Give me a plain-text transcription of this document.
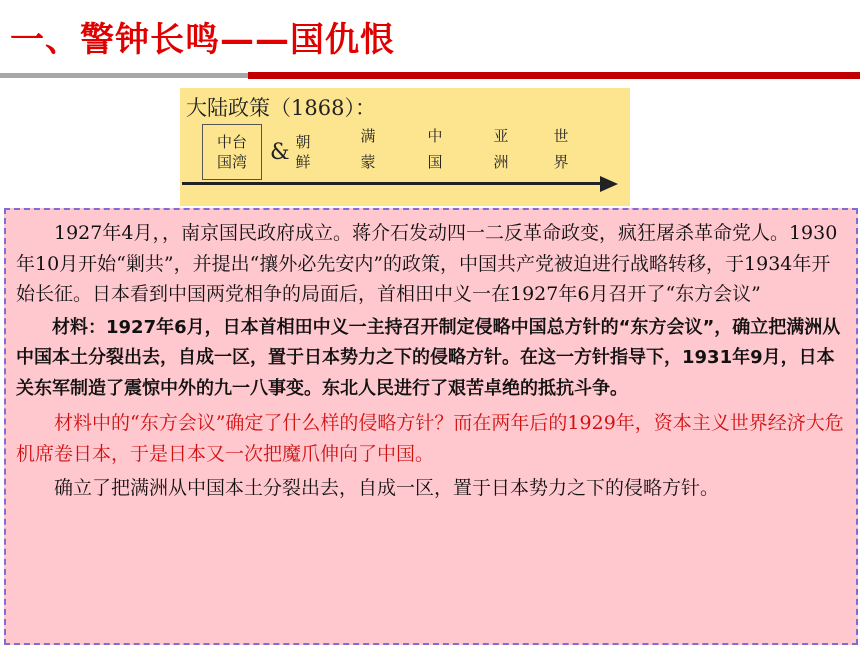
一、警钟长鸣——国仇恨
大陆政策（1868）：
中台
国湾	& 朝
鲜
满
蒙
中
国
亚
洲
世
界

1927年4月，，南京国民政府成立。蒋介石发动四一二反革命政变，疯狂屠杀革命党人。1930年10月开始“剿共”，并提出“攘外必先安内”的政策，中国共产党被迫进行战略转移，于1934年开始长征。日本看到中国两党相争的局面后，首相田中义一在1927年6月召开了“东方会议”

材料：1927年6月，日本首相田中义一主持召开制定侵略中国总方针的“东方会议”，确立把满洲从中国本土分裂出去，自成一区，置于日本势力之下的侵略方针。在这一方针指导下，1931年9月，日本关东军制造了震惊中外的九一八事变。东北人民进行了艰苦卓绝的抵抗斗争。

材料中的“东方会议”确定了什么样的侵略方针？而在两年后的1929年，资本主义世界经济大危机席卷日本，于是日本又一次把魔爪伸向了中国。

确立了把满洲从中国本土分裂出去，自成一区，置于日本势力之下的侵略方针。
